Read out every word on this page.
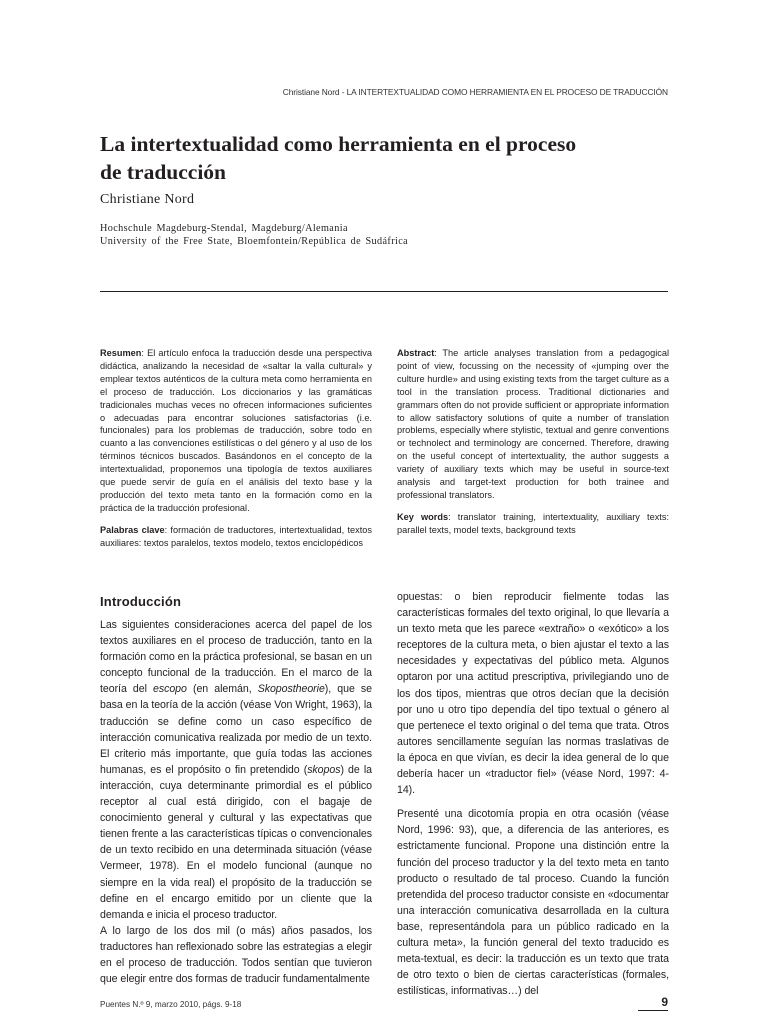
Christiane Nord - LA INTERTEXTUALIDAD COMO HERRAMIENTA EN EL PROCESO DE TRADUCCIÓN
La intertextualidad como herramienta en el proceso
de traducción
Christiane Nord
Hochschule Magdeburg-Stendal, Magdeburg/Alemania
University of the Free State, Bloemfontein/República de Sudáfrica

Resumen: El artículo enfoca la traducción desde una perspectiva didáctica, analizando la necesidad de «saltar la valla cultural» y emplear textos auténticos de la cultura meta como herramienta en el proceso de traducción. Los diccionarios y las gramáticas tradicionales muchas veces no ofrecen informaciones suficientes o adecuadas para encontrar soluciones satisfactorias (i.e. funcionales) para los problemas de traducción, sobre todo en cuanto a las convenciones estilísticas o del género y al uso de los términos técnicos buscados. Basándonos en el concepto de la intertextualidad, proponemos una tipología de textos auxiliares que puede servir de guía en el análisis del texto base y la producción del texto meta tanto en la formación como en la práctica de la traducción profesional.

Palabras clave: formación de traductores, intertextualidad, textos auxiliares: textos paralelos, textos modelo, textos enciclopédicos

Abstract: The article analyses translation from a pedagogical point of view, focussing on the necessity of «jumping over the culture hurdle» and using existing texts from the target culture as a tool in the translation process. Traditional dictionaries and grammars often do not provide sufficient or appropriate information to allow satisfactory solutions of quite a number of translation problems, especially where stylistic, textual and genre conventions or technolect and terminology are concerned. Therefore, drawing on the useful concept of intertextuality, the author suggests a variety of auxiliary texts which may be useful in source-text analysis and target-text production for both trainee and professional translators.

Key words: translator training, intertextuality, auxiliary texts: parallel texts, model texts, background texts

Introducción

Las siguientes consideraciones acerca del papel de los textos auxiliares en el proceso de traducción, tanto en la formación como en la práctica profesional, se basan en un concepto funcional de la traducción. En el marco de la teoría del escopo (en alemán, Skopostheorie), que se basa en la teoría de la acción (véase Von Wright, 1963), la traducción se define como un caso específico de interacción comunicativa realizada por medio de un texto. El criterio más importante, que guía todas las acciones humanas, es el propósito o fin pretendido (skopos) de la interacción, cuya determinante primordial es el público receptor al cual está dirigido, con el bagaje de conocimiento general y cultural y las expectativas que tienen frente a las características típicas o convencionales de un texto recibido en una determinada situación (véase Vermeer, 1978). En el modelo funcional (aunque no siempre en la vida real) el propósito de la traducción se define en el encargo emitido por un cliente que la demanda e inicia el proceso traductor.

A lo largo de los dos mil (o más) años pasados, los traductores han reflexionado sobre las estrategias a elegir en el proceso de traducción. Todos sentían que tuvieron que elegir entre dos formas de traducir fundamentalmente

opuestas: o bien reproducir fielmente todas las características formales del texto original, lo que llevaría a un texto meta que les parece «extraño» o «exótico» a los receptores de la cultura meta, o bien ajustar el texto a las necesidades y expectativas del público meta. Algunos optaron por una actitud prescriptiva, privilegiando uno de los dos tipos, mientras que otros decían que la decisión por uno u otro tipo dependía del tipo textual o género al que pertenece el texto original o del tema que trata. Otros autores sencillamente seguían las normas traslativas de la época en que vivían, es decir la idea general de lo que debería hacer un «traductor fiel» (véase Nord, 1997: 4-14).

Presenté una dicotomía propia en otra ocasión (véase Nord, 1996: 93), que, a diferencia de las anteriores, es estrictamente funcional. Propone una distinción entre la función del proceso traductor y la del texto meta en tanto producto o resultado de tal proceso. Cuando la función pretendida del proceso traductor consiste en «documentar una interacción comunicativa desarrollada en la cultura base, representándola para un público radicado en la cultura meta», la función general del texto traducido es meta-textual, es decir: la traducción es un texto que trata de otro texto o bien de ciertas características (formales, estilísticas, informativas…) del

Puentes N.º 9, marzo 2010, págs. 9-18	9
